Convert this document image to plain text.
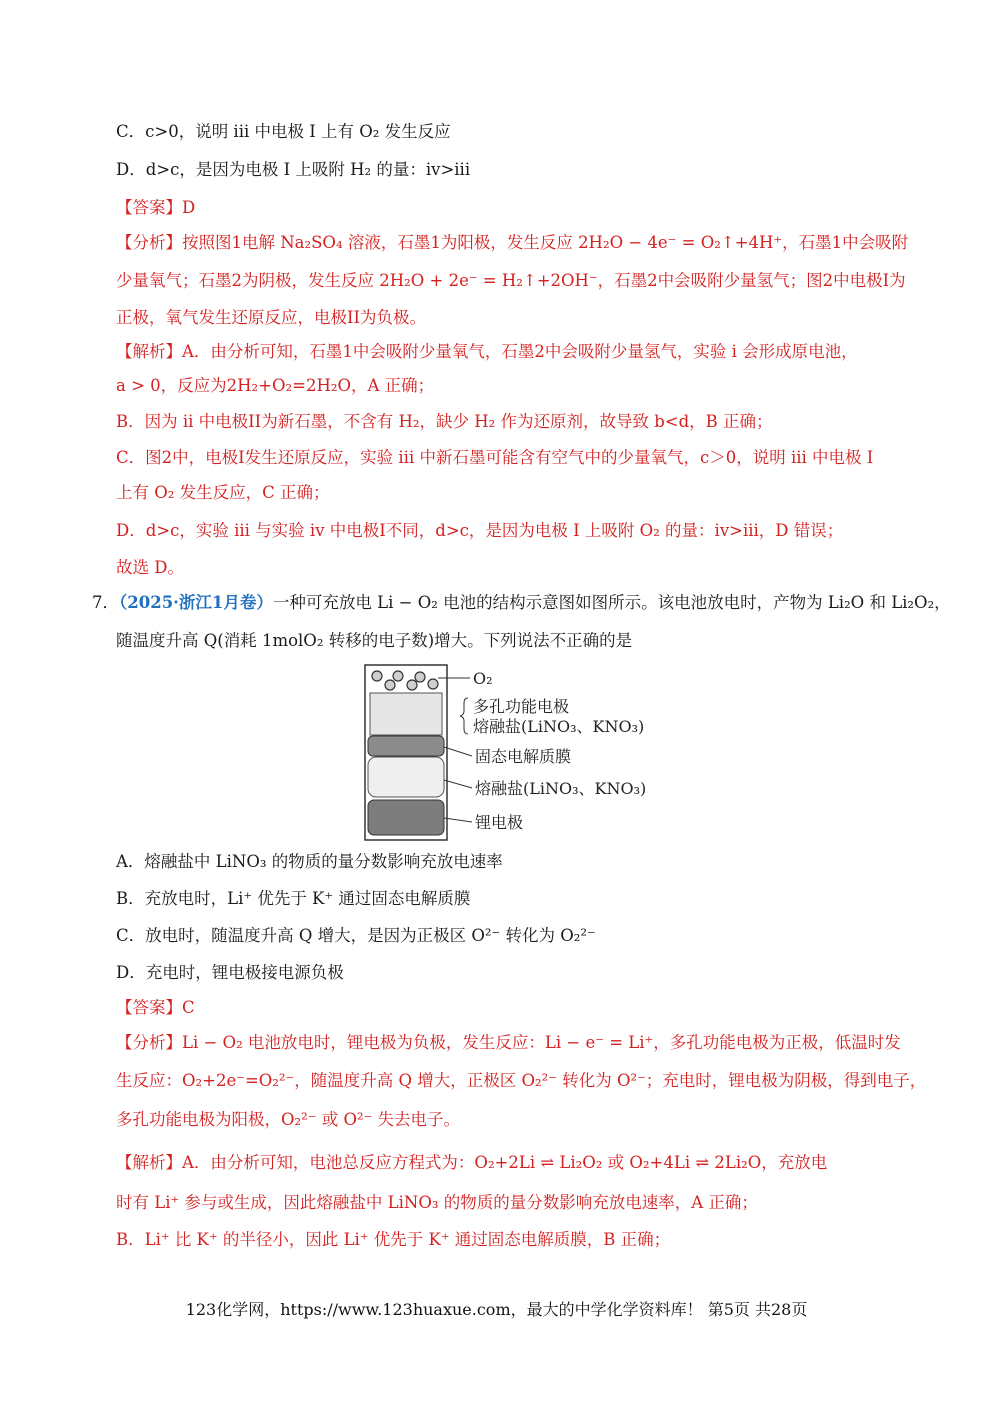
C．c>0，说明 iii 中电极 I 上有 O₂ 发生反应
D．d>c，是因为电极 I 上吸附 H₂ 的量：iv>iii
【答案】D
【分析】按照图1电解 Na₂SO₄ 溶液，石墨1为阳极，发生反应 2H₂O − 4e⁻ = O₂↑+4H⁺，石墨1中会吸附
少量氧气；石墨2为阴极，发生反应 2H₂O + 2e⁻ = H₂↑+2OH⁻，石墨2中会吸附少量氢气；图2中电极I为
正极，氧气发生还原反应，电极II为负极。
【解析】A．由分析可知，石墨1中会吸附少量氧气，石墨2中会吸附少量氢气，实验 i 会形成原电池，
a > 0，反应为2H₂+O₂=2H₂O，A 正确；
B．因为 ii 中电极II为新石墨，不含有 H₂，缺少 H₂ 作为还原剂，故导致 b<d，B 正确；
C．图2中，电极I发生还原反应，实验 iii 中新石墨可能含有空气中的少量氧气，c＞0，说明 iii 中电极 I
上有 O₂ 发生反应，C 正确；
D．d>c，实验 iii 与实验 iv 中电极I不同，d>c，是因为电极 I 上吸附 O₂ 的量：iv>iii，D 错误；
故选 D。
7．（2025·浙江1月卷）一种可充放电 Li − O₂ 电池的结构示意图如图所示。该电池放电时，产物为 Li₂O 和 Li₂O₂，
随温度升高 Q(消耗 1molO₂ 转移的电子数)增大。下列说法不正确的是
O₂
多孔功能电极
熔融盐(LiNO₃、KNO₃)
固态电解质膜
熔融盐(LiNO₃、KNO₃)
锂电极
A．熔融盐中 LiNO₃ 的物质的量分数影响充放电速率
B．充放电时，Li⁺ 优先于 K⁺ 通过固态电解质膜
C．放电时，随温度升高 Q 增大，是因为正极区 O²⁻ 转化为 O₂²⁻
D．充电时，锂电极接电源负极
【答案】C
【分析】Li − O₂ 电池放电时，锂电极为负极，发生反应：Li − e⁻ = Li⁺，多孔功能电极为正极，低温时发
生反应：O₂+2e⁻=O₂²⁻，随温度升高 Q 增大，正极区 O₂²⁻ 转化为 O²⁻；充电时，锂电极为阴极，得到电子，
多孔功能电极为阳极，O₂²⁻ 或 O²⁻ 失去电子。
【解析】A．由分析可知，电池总反应方程式为：O₂+2Li ⇌ Li₂O₂ 或 O₂+4Li ⇌ 2Li₂O，充放电
时有 Li⁺ 参与或生成，因此熔融盐中 LiNO₃ 的物质的量分数影响充放电速率，A 正确；
B．Li⁺ 比 K⁺ 的半径小，因此 Li⁺ 优先于 K⁺ 通过固态电解质膜，B 正确；
123化学网，https://www.123huaxue.com，最大的中学化学资料库！ 第5页 共28页
